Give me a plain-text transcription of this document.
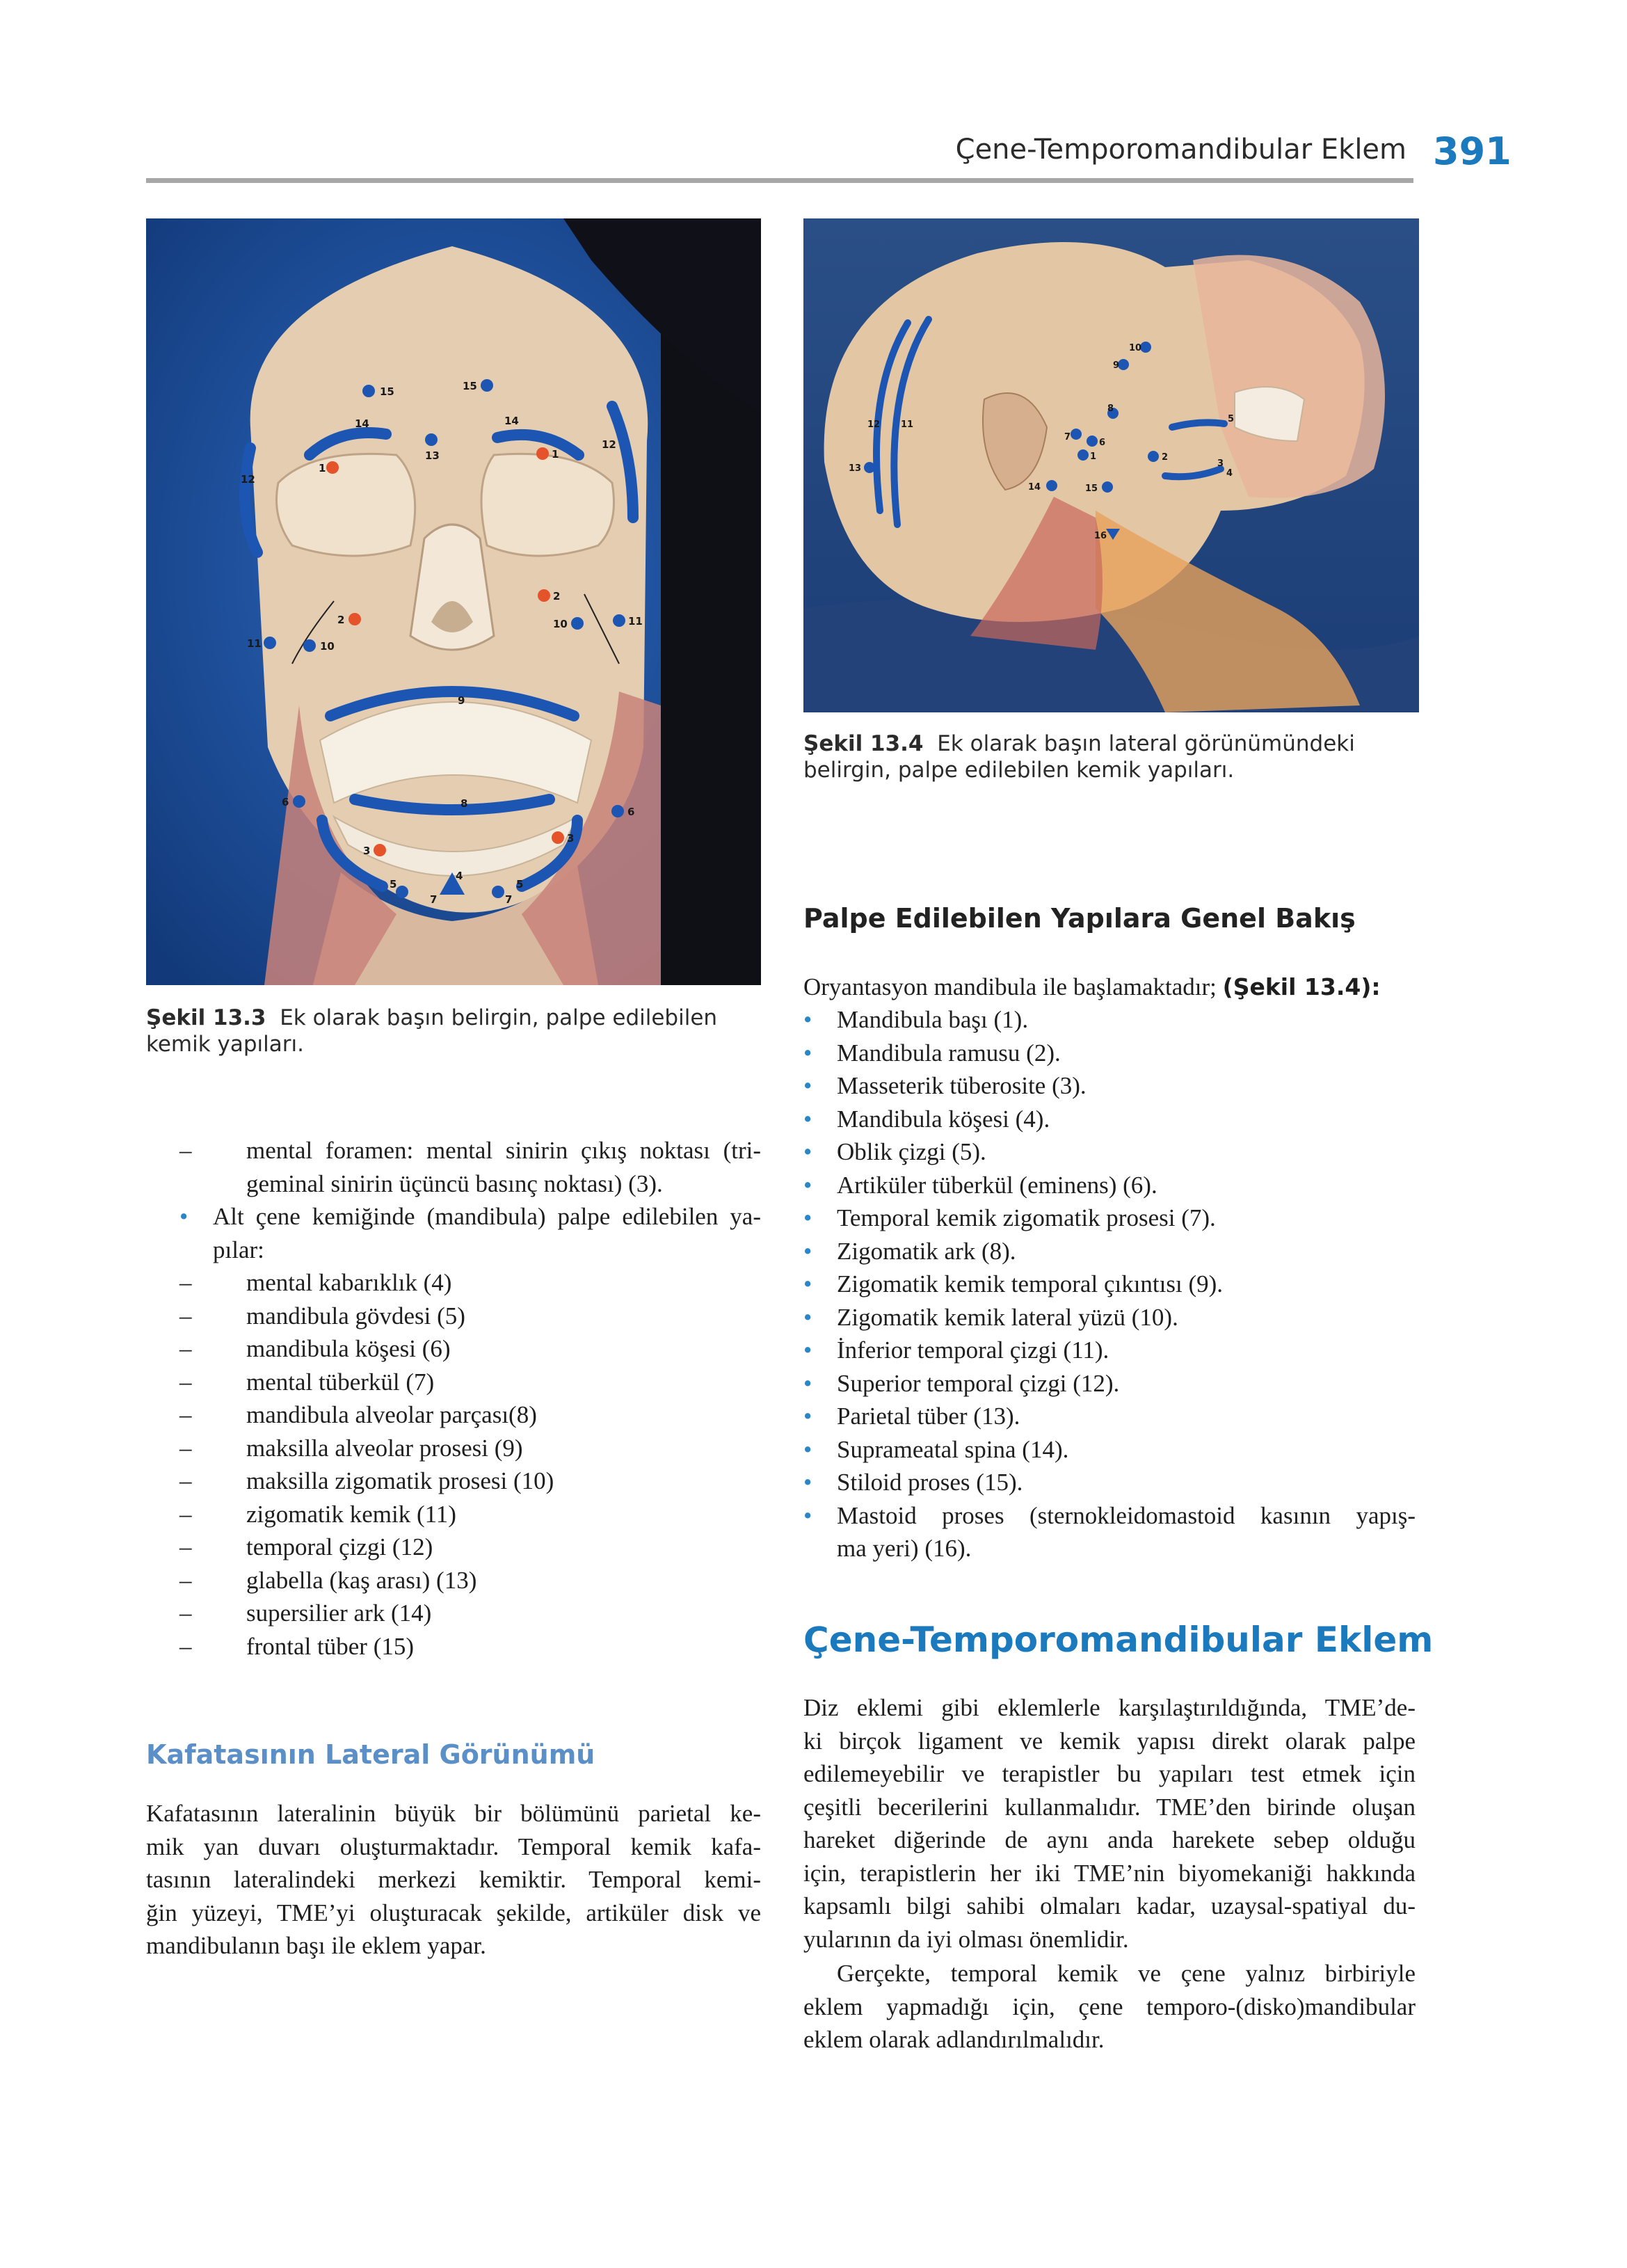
Çene-Temporomandibular Eklem 391
15	15
14	14
13
12
12
1
1
2
2
11
11
10
10
9
8
6
6
3
3
5	5
4
7	7
10
9
8
5
12 11
7
6
1	2
3
4
13
14	15
16
Şekil 13.4 Ek olarak başın lateral görünümündeki belirgin, palpe edilebilen kemik yapıları.
Şekil 13.3 Ek olarak başın belirgin, palpe edilebilen kemik yapıları.
– mental foramen: mental sinirin çıkış noktası (tri-
geminal sinirin üçüncü basınç noktası) (3).
• Alt çene kemiğinde (mandibula) palpe edilebilen ya-
pılar:
– mental kabarıklık (4)
– mandibula gövdesi (5)
– mandibula köşesi (6)
– mental tüberkül (7)
– mandibula alveolar parçası(8)
– maksilla alveolar prosesi (9)
– maksilla zigomatik prosesi (10)
– zigomatik kemik (11)
– temporal çizgi (12)
– glabella (kaş arası) (13)
– supersilier ark (14)
– frontal tüber (15)
Kafatasının Lateral Görünümü
Kafatasının lateralinin büyük bir bölümünü parietal ke-
mik yan duvarı oluşturmaktadır. Temporal kemik kafa-
tasının lateralindeki merkezi kemiktir. Temporal kemi-
ğin yüzeyi, TME’yi oluşturacak şekilde, artiküler disk ve
mandibulanın başı ile eklem yapar.
Palpe Edilebilen Yapılara Genel Bakış
Oryantasyon mandibula ile başlamaktadır; (Şekil 13.4):
• Mandibula başı (1).
• Mandibula ramusu (2).
• Masseterik tüberosite (3).
• Mandibula köşesi (4).
• Oblik çizgi (5).
• Artiküler tüberkül (eminens) (6).
• Temporal kemik zigomatik prosesi (7).
• Zigomatik ark (8).
• Zigomatik kemik temporal çıkıntısı (9).
• Zigomatik kemik lateral yüzü (10).
• İnferior temporal çizgi (11).
• Superior temporal çizgi (12).
• Parietal tüber (13).
• Suprameatal spina (14).
• Stiloid proses (15).
• Mastoid proses (sternokleidomastoid kasının yapış-
ma yeri) (16).
Çene-Temporomandibular Eklem
Diz eklemi gibi eklemlerle karşılaştırıldığında, TME’de-
ki birçok ligament ve kemik yapısı direkt olarak palpe
edilemeyebilir ve terapistler bu yapıları test etmek için
çeşitli becerilerini kullanmalıdır. TME’den birinde oluşan
hareket diğerinde de aynı anda harekete sebep olduğu
için, terapistlerin her iki TME’nin biyomekaniği hakkında
kapsamlı bilgi sahibi olmaları kadar, uzaysal-spatiyal du-
yularının da iyi olması önemlidir.
Gerçekte, temporal kemik ve çene yalnız birbiriyle
eklem yapmadığı için, çene temporo-(disko)mandibular
eklem olarak adlandırılmalıdır.
